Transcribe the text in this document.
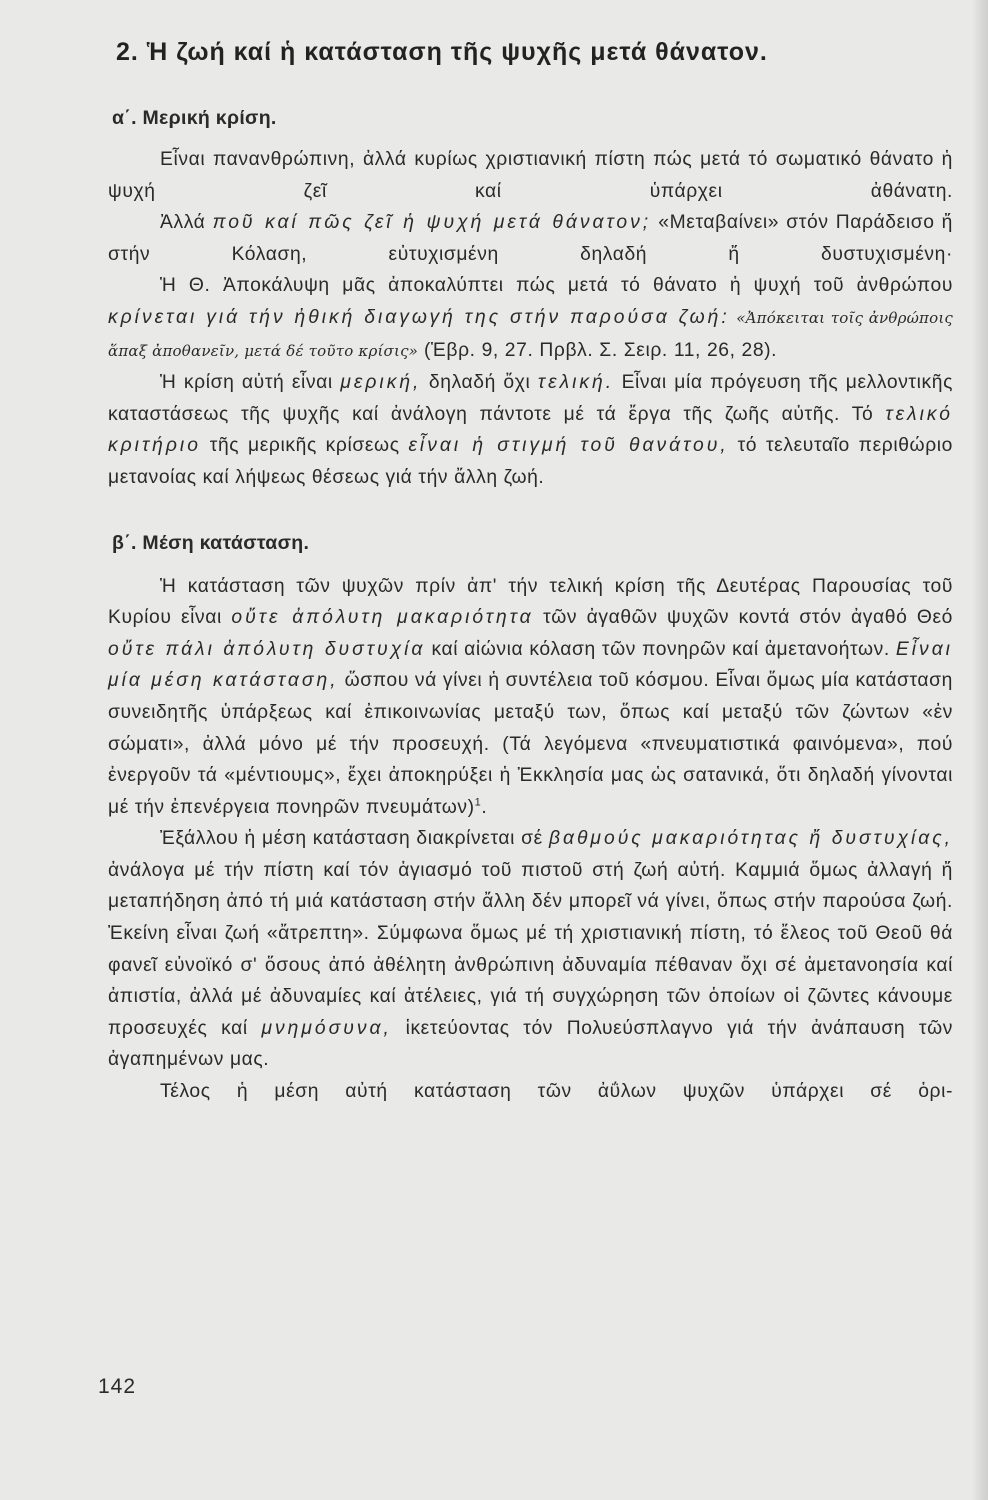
2. Ἡ ζωή καί ἡ κατάσταση τῆς ψυχῆς μετά θάνατον.
α΄. Μερική κρίση.

Εἶναι πανανθρώπινη, ἀλλά κυρίως χριστιανική πίστη πώς μετά τό σωματικό θάνατο ἡ ψυχή ζεῖ καί ὑπάρχει ἀθάνατη.

Ἀλλά ποῦ καί πῶς ζεῖ ἡ ψυχή μετά θάνατον; «Μεταβαίνει» στόν Παράδεισο ἤ στήν Κόλαση, εὐτυχισμένη δηλαδή ἤ δυστυχισμένη·

Ἡ Θ. Ἀποκάλυψη μᾶς ἀποκαλύπτει πώς μετά τό θάνατο ἡ ψυχή τοῦ ἀνθρώπου κρίνεται γιά τήν ἠθική διαγωγή της στήν παρούσα ζωή: «Ἀπόκειται τοῖς ἀνθρώποις ἅπαξ ἀποθανεῖν, μετά δέ τοῦτο κρίσις» (Ἑβρ. 9, 27. Πρβλ. Σ. Σειρ. 11, 26, 28).

Ἡ κρίση αὐτή εἶναι μερική, δηλαδή ὄχι τελική. Εἶναι μία πρόγευση τῆς μελλοντικῆς καταστάσεως τῆς ψυχῆς καί ἀνάλογη πάντοτε μέ τά ἔργα τῆς ζωῆς αὐτῆς. Τό τελικό κριτήριο τῆς μερικῆς κρίσεως εἶναι ἡ στιγμή τοῦ θανάτου, τό τελευταῖο περιθώριο μετανοίας καί λήψεως θέσεως γιά τήν ἄλλη ζωή.

β΄. Μέση κατάσταση.

Ἡ κατάσταση τῶν ψυχῶν πρίν ἀπ' τήν τελική κρίση τῆς Δευτέρας Παρουσίας τοῦ Κυρίου εἶναι οὔτε ἀπόλυτη μακαριότητα τῶν ἀγαθῶν ψυχῶν κοντά στόν ἀγαθό Θεό οὔτε πάλι ἀπόλυτη δυστυχία καί αἰώνια κόλαση τῶν πονηρῶν καί ἀμετανοήτων. Εἶναι μία μέση κατάσταση, ὥσπου νά γίνει ἡ συντέλεια τοῦ κόσμου. Εἶναι ὅμως μία κατάσταση συνειδητῆς ὑπάρξεως καί ἐπικοινωνίας μεταξύ των, ὅπως καί μεταξύ τῶν ζώντων «ἐν σώματι», ἀλλά μόνο μέ τήν προσευχή. (Τά λεγόμενα «πνευματιστικά φαινόμενα», πού ἐνεργοῦν τά «μέντιουμς», ἔχει ἀποκηρύξει ἡ Ἐκκλησία μας ὡς σατανικά, ὅτι δηλαδή γίνονται μέ τήν ἐπενέργεια πονηρῶν πνευμάτων)$^1$.

Ἐξάλλου ἡ μέση κατάσταση διακρίνεται σέ βαθμούς μακαριότητας ἤ δυστυχίας, ἀνάλογα μέ τήν πίστη καί τόν ἁγιασμό τοῦ πιστοῦ στή ζωή αὐτή. Καμμιά ὅμως ἀλλαγή ἤ μεταπήδηση ἀπό τή μιά κατάσταση στήν ἄλλη δέν μπορεῖ νά γίνει, ὅπως στήν παρούσα ζωή. Ἐκείνη εἶναι ζωή «ἄτρεπτη». Σύμφωνα ὅμως μέ τή χριστιανική πίστη, τό ἔλεος τοῦ Θεοῦ θά φανεῖ εὐνοϊκό σ' ὅσους ἀπό ἀθέλητη ἀνθρώπινη ἀδυναμία πέθαναν ὄχι σέ ἀμετανοησία καί ἀπιστία, ἀλλά μέ ἀδυναμίες καί ἀτέλειες, γιά τή συγχώρηση τῶν ὁποίων οἱ ζῶντες κάνουμε προσευχές καί μνημόσυνα, ἱκετεύοντας τόν Πολυεύσπλαγνο γιά τήν ἀνάπαυση τῶν ἀγαπημένων μας.

Τέλος ἡ μέση αὐτή κατάσταση τῶν ἀΰλων ψυχῶν ὑπάρχει σέ ὁρι-

142
